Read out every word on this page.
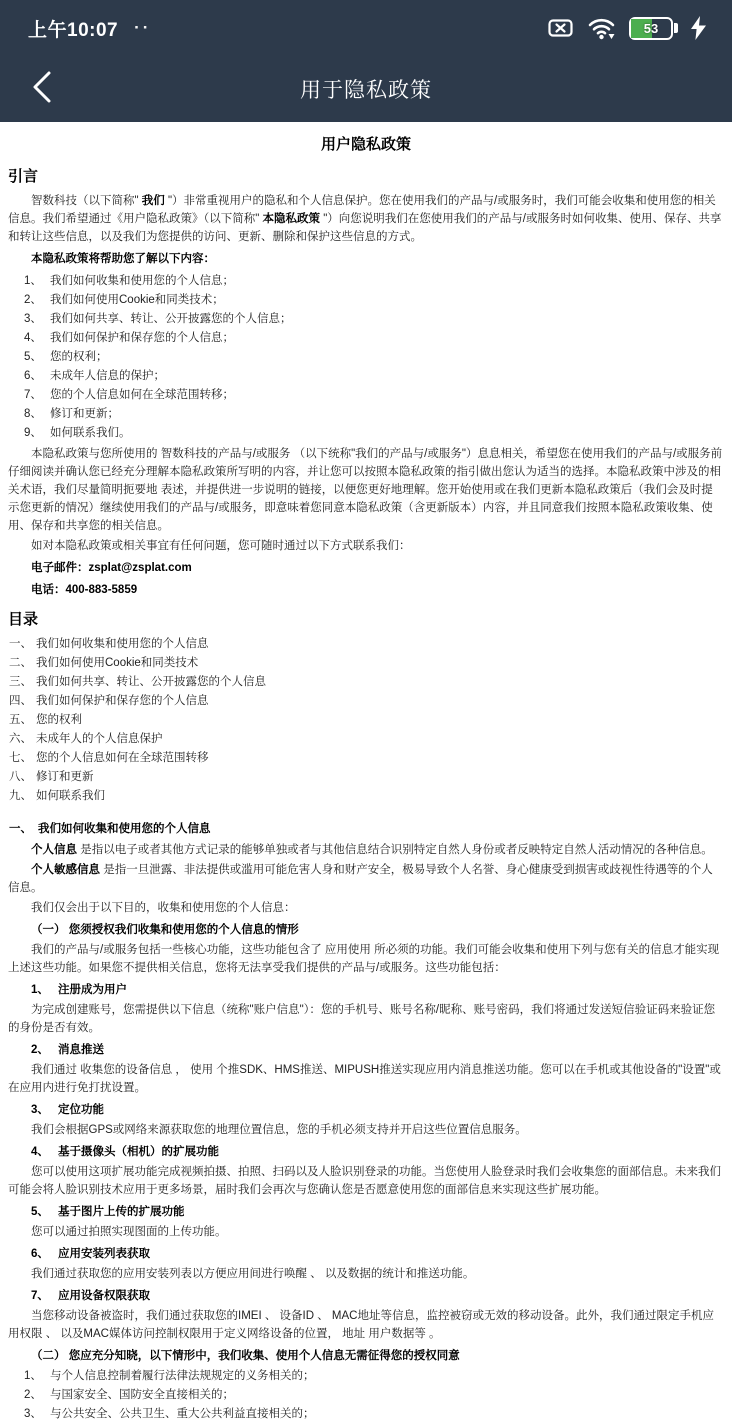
上午10:07 ··	53
用于隐私政策
用户隐私政策
引言
智数科技（以下简称" 我们 "）非常重视用户的隐私和个人信息保护。您在使用我们的产品与/或服务时，我们可能会收集和使用您的相关信息。我们希望通过《用户隐私政策》（以下简称" 本隐私政策 "）向您说明我们在您使用我们的产品与/或服务时如何收集、使用、保存、共享和转让这些信息，以及我们为您提供的访问、更新、删除和保护这些信息的方式。
本隐私政策将帮助您了解以下内容：
1、 我们如何收集和使用您的个人信息；
2、 我们如何使用Cookie和同类技术；
3、 我们如何共享、转让、公开披露您的个人信息；
4、 我们如何保护和保存您的个人信息；
5、 您的权利；
6、 未成年人信息的保护；
7、 您的个人信息如何在全球范围转移；
8、 修订和更新；
9、 如何联系我们。
本隐私政策与您所使用的 智数科技的产品与/或服务 （以下统称"我们的产品与/或服务"）息息相关，希望您在使用我们的产品与/或服务前仔细阅读并确认您已经充分理解本隐私政策所写明的内容，并让您可以按照本隐私政策的指引做出您认为适当的选择。本隐私政策中涉及的相关术语，我们尽量简明扼要地 表述，并提供进一步说明的链接，以便您更好地理解。您开始使用或在我们更新本隐私政策后（我们会及时提示您更新的情况）继续使用我们的产品与/或服务，即意味着您同意本隐私政策（含更新版本）内容，并且同意我们按照本隐私政策收集、使用、保存和共享您的相关信息。
如对本隐私政策或相关事宜有任何问题，您可随时通过以下方式联系我们：
电子邮件：zsplat@zsplat.com
电话：400-883-5859
目录
一、 我们如何收集和使用您的个人信息
二、 我们如何使用Cookie和同类技术
三、 我们如何共享、转让、公开披露您的个人信息
四、 我们如何保护和保存您的个人信息
五、 您的权利
六、 未成年人的个人信息保护
七、 您的个人信息如何在全球范围转移
八、 修订和更新
九、 如何联系我们
一、 我们如何收集和使用您的个人信息
个人信息 是指以电子或者其他方式记录的能够单独或者与其他信息结合识别特定自然人身份或者反映特定自然人活动情况的各种信息。
个人敏感信息 是指一旦泄露、非法提供或滥用可能危害人身和财产安全，极易导致个人名誉、身心健康受到损害或歧视性待遇等的个人信息。
我们仅会出于以下目的，收集和使用您的个人信息：
（一） 您须授权我们收集和使用您的个人信息的情形
我们的产品与/或服务包括一些核心功能，这些功能包含了 应用使用 所必须的功能。我们可能会收集和使用下列与您有关的信息才能实现上述这些功能。如果您不提供相关信息，您将无法享受我们提供的产品与/或服务。这些功能包括：
1、 注册成为用户
为完成创建账号，您需提供以下信息（统称"账户信息"）：您的手机号、账号名称/昵称、账号密码，我们将通过发送短信验证码来验证您的身份是否有效。
2、 消息推送
我们通过 收集您的设备信息 ， 使用 个推SDK、HMS推送、MIPUSH推送实现应用内消息推送功能。您可以在手机或其他设备的"设置"或在应用内进行免打扰设置。
3、 定位功能
我们会根据GPS或网络来源获取您的地理位置信息，您的手机必须支持并开启这些位置信息服务。
4、 基于摄像头（相机）的扩展功能
您可以使用这项扩展功能完成视频拍摄、拍照、扫码以及人脸识别登录的功能。当您使用人脸登录时我们会收集您的面部信息。未来我们可能会将人脸识别技术应用于更多场景，届时我们会再次与您确认您是否愿意使用您的面部信息来实现这些扩展功能。
5、 基于图片上传的扩展功能
您可以通过拍照实现图面的上传功能。
6、 应用安装列表获取
我们通过获取您的应用安装列表以方便应用间进行唤醒 、 以及数据的统计和推送功能。
7、 应用设备权限获取
当您移动设备被盗时，我们通过获取您的IMEI 、 设备ID 、 MAC地址等信息，监控被窃或无效的移动设备。此外，我们通过限定手机应用权限 、 以及MAC媒体访问控制权限用于定义网络设备的位置， 地址 用户数据等 。
（二） 您应充分知晓，以下情形中，我们收集、使用个人信息无需征得您的授权同意
1、 与个人信息控制着履行法律法规规定的义务相关的；
2、 与国家安全、国防安全直接相关的；
3、 与公共安全、公共卫生、重大公共利益直接相关的；
